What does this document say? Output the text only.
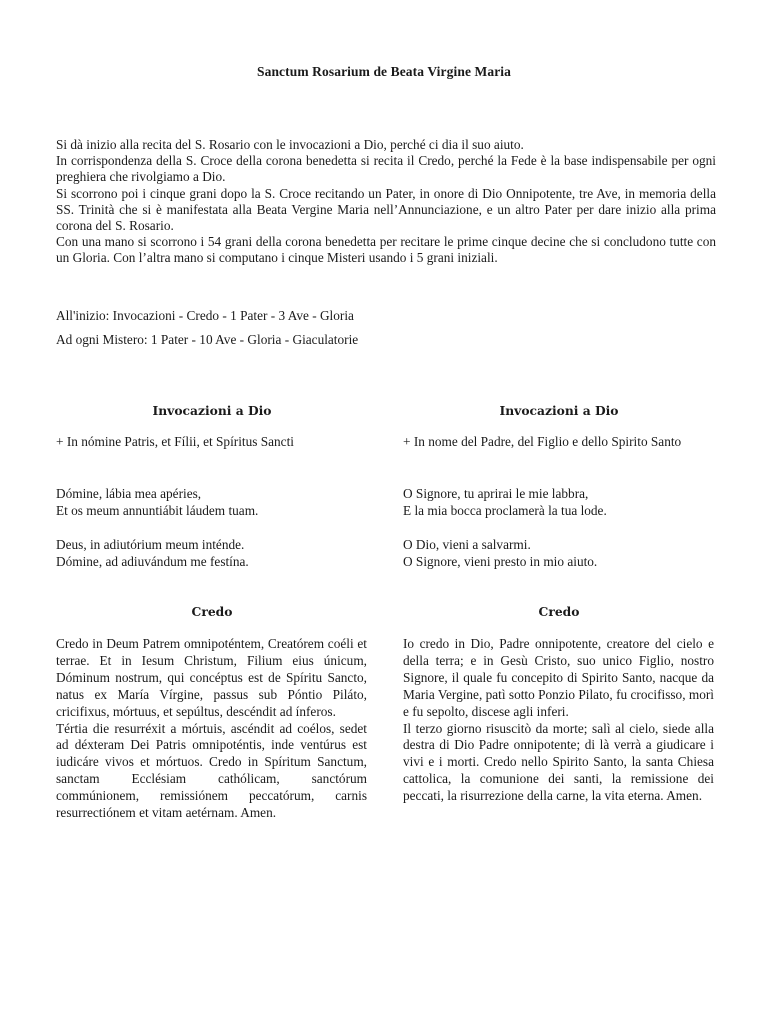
Sanctum Rosarium de Beata Virgine Maria

Si dà inizio alla recita del S. Rosario con le invocazioni a Dio, perché ci dia il suo aiuto.

In corrispondenza della S. Croce della corona benedetta si recita il Credo, perché la Fede è la base indispensabile per ogni preghiera che rivolgiamo a Dio.

Si scorrono poi i cinque grani dopo la S. Croce recitando un Pater, in onore di Dio Onnipotente, tre Ave, in memoria della SS. Trinità che si è manifestata alla Beata Vergine Maria nell’Annunciazione, e un altro Pater per dare inizio alla prima corona del S. Rosario.

Con una mano si scorrono i 54 grani della corona benedetta per recitare le prime cinque decine che si concludono tutte con un Gloria. Con l’altra mano si computano i cinque Misteri usando i 5 grani iniziali.

All'inizio: Invocazioni - Credo - 1 Pater - 3 Ave - Gloria

Ad ogni Mistero: 1 Pater - 10 Ave - Gloria - Giaculatorie

Invocazioni a Dio	Invocazioni a Dio

+ In nómine Patris, et Fílii, et Spíritus Sancti

Dómine, lábia mea apéries,

Et os meum annuntiábit láudem tuam.

Deus, in adiutórium meum inténde.

Dómine, ad adiuvándum me festína.

+ In nome del Padre, del Figlio e dello Spirito Santo

O Signore, tu aprirai le mie labbra,

E la mia bocca proclamerà la tua lode.

O Dio, vieni a salvarmi.

O Signore, vieni presto in mio aiuto.

Credo	Credo

Credo in Deum Patrem omnipoténtem, Creatórem coéli et terrae. Et in Iesum Christum, Filium eius únicum, Dóminum nostrum, qui concéptus est de Spíritu Sancto, natus ex María Vírgine, passus sub Póntio Piláto, cricifixus, mórtuus, et sepúltus, descéndit ad ínferos.

Tértia die resurréxit a mórtuis, ascéndit ad coélos, sedet ad déxteram Dei Patris omnipoténtis, inde ventúrus est iudicáre vivos et mórtuos. Credo in Spíritum Sanctum, sanctam Ecclésiam cathólicam, sanctórum commúnionem, remissiónem peccatórum, carnis resurrectiónem et vitam aetérnam. Amen.

Io credo in Dio, Padre onnipotente, creatore del cielo e della terra; e in Gesù Cristo, suo unico Figlio, nostro Signore, il quale fu concepito di Spirito Santo, nacque da Maria Vergine, patì sotto Ponzio Pilato, fu crocifisso, morì e fu sepolto, discese agli inferi.

Il terzo giorno risuscitò da morte; salì al cielo, siede alla destra di Dio Padre onnipotente; di là verrà a giudicare i vivi e i morti. Credo nello Spirito Santo, la santa Chiesa cattolica, la comunione dei santi, la remissione dei peccati, la risurrezione della carne, la vita eterna. Amen.
